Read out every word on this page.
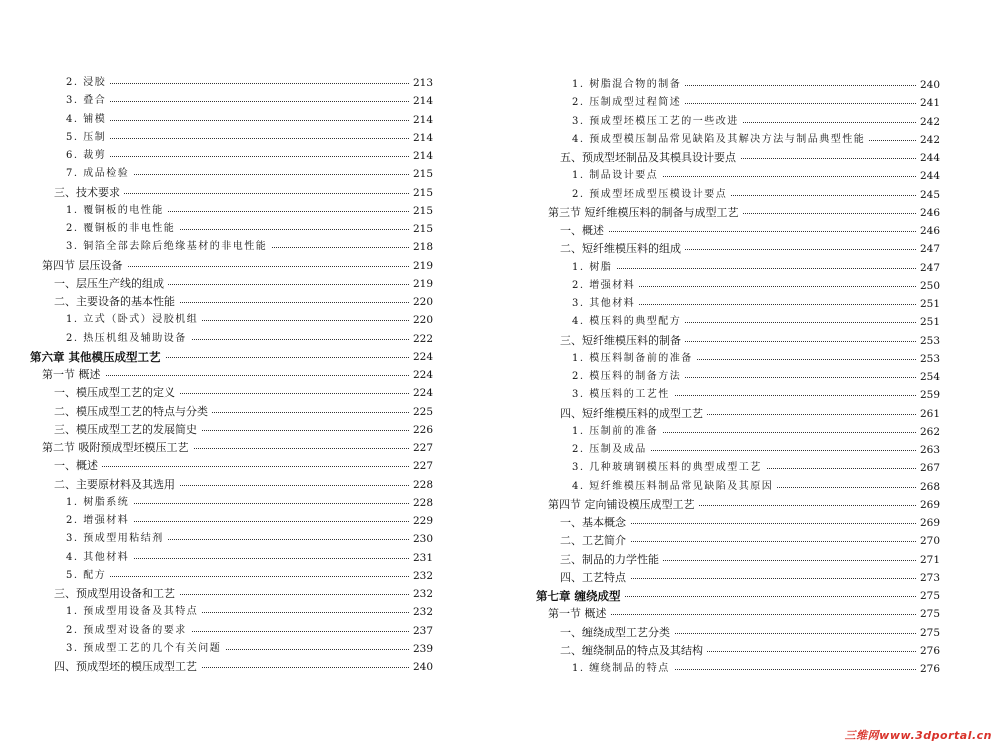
2. 浸胶	213
3. 叠合	214
4. 铺模	214
5. 压制	214
6. 裁剪	214
7. 成品检验	215
三、技术要求	215
1. 覆铜板的电性能	215
2. 覆铜板的非电性能	215
3. 铜箔全部去除后绝缘基材的非电性能	218
第四节 层压设备	219
一、层压生产线的组成	219
二、主要设备的基本性能	220
1. 立式（卧式）浸胶机组	220
2. 热压机组及辅助设备	222
第六章 其他模压成型工艺	224
第一节 概述	224
一、模压成型工艺的定义	224
二、模压成型工艺的特点与分类	225
三、模压成型工艺的发展简史	226
第二节 吸附预成型坯模压工艺	227
一、概述	227
二、主要原材料及其选用	228
1. 树脂系统	228
2. 增强材料	229
3. 预成型用粘结剂	230
4. 其他材料	231
5. 配方	232
三、预成型用设备和工艺	232
1. 预成型用设备及其特点	232
2. 预成型对设备的要求	237
3. 预成型工艺的几个有关问题	239
四、预成型坯的模压成型工艺	240
1. 树脂混合物的制备	240
2. 压制成型过程简述	241
3. 预成型坯模压工艺的一些改进	242
4. 预成型模压制品常见缺陷及其解决方法与制品典型性能	242
五、预成型坯制品及其模具设计要点	244
1. 制品设计要点	244
2. 预成型坯成型压模设计要点	245
第三节 短纤维模压料的制备与成型工艺	246
一、概述	246
二、短纤维模压料的组成	247
1. 树脂	247
2. 增强材料	250
3. 其他材料	251
4. 模压料的典型配方	251
三、短纤维模压料的制备	253
1. 模压料制备前的准备	253
2. 模压料的制备方法	254
3. 模压料的工艺性	259
四、短纤维模压料的成型工艺	261
1. 压制前的准备	262
2. 压制及成品	263
3. 几种玻璃钢模压料的典型成型工艺	267
4. 短纤维模压料制品常见缺陷及其原因	268
第四节 定向铺设模压成型工艺	269
一、基本概念	269
二、工艺简介	270
三、制品的力学性能	271
四、工艺特点	273
第七章 缠绕成型	275
第一节 概述	275
一、缠绕成型工艺分类	275
二、缠绕制品的特点及其结构	276
1. 缠绕制品的特点	276
三维网www.3dportal.cn
